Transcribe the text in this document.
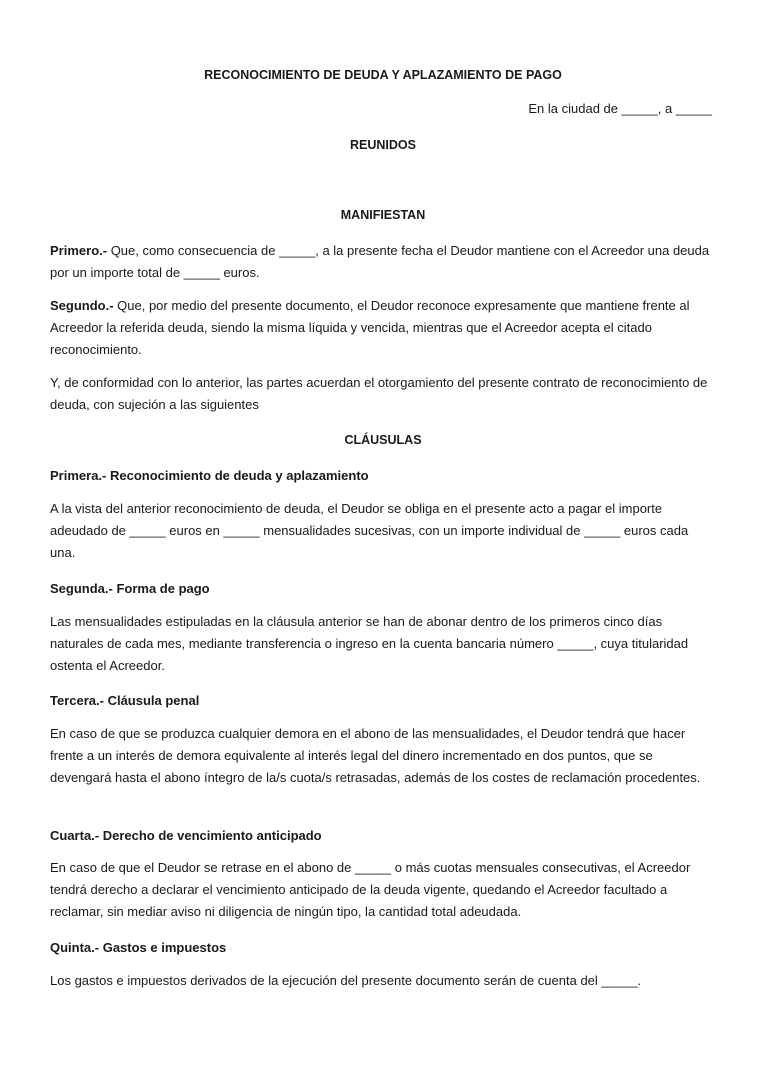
RECONOCIMIENTO DE DEUDA Y APLAZAMIENTO DE PAGO
En la ciudad de _____, a _____
REUNIDOS
MANIFIESTAN

Primero.- Que, como consecuencia de _____, a la presente fecha el Deudor mantiene con el Acreedor una deuda por un importe total de _____ euros.

Segundo.- Que, por medio del presente documento, el Deudor reconoce expresamente que mantiene frente al Acreedor la referida deuda, siendo la misma líquida y vencida, mientras que el Acreedor acepta el citado reconocimiento.

Y, de conformidad con lo anterior, las partes acuerdan el otorgamiento del presente contrato de reconocimiento de deuda, con sujeción a las siguientes

CLÁUSULAS
Primera.- Reconocimiento de deuda y aplazamiento

A la vista del anterior reconocimiento de deuda, el Deudor se obliga en el presente acto a pagar el importe adeudado de _____ euros en _____ mensualidades sucesivas, con un importe individual de _____ euros cada una.

Segunda.- Forma de pago

Las mensualidades estipuladas en la cláusula anterior se han de abonar dentro de los primeros cinco días naturales de cada mes, mediante transferencia o ingreso en la cuenta bancaria número _____, cuya titularidad ostenta el Acreedor.

Tercera.- Cláusula penal

En caso de que se produzca cualquier demora en el abono de las mensualidades, el Deudor tendrá que hacer frente a un interés de demora equivalente al interés legal del dinero incrementado en dos puntos, que se devengará hasta el abono íntegro de la/s cuota/s retrasadas, además de los costes de reclamación procedentes.

Cuarta.- Derecho de vencimiento anticipado

En caso de que el Deudor se retrase en el abono de _____ o más cuotas mensuales consecutivas, el Acreedor tendrá derecho a declarar el vencimiento anticipado de la deuda vigente, quedando el Acreedor facultado a reclamar, sin mediar aviso ni diligencia de ningún tipo, la cantidad total adeudada.

Quinta.- Gastos e impuestos

Los gastos e impuestos derivados de la ejecución del presente documento serán de cuenta del _____.
